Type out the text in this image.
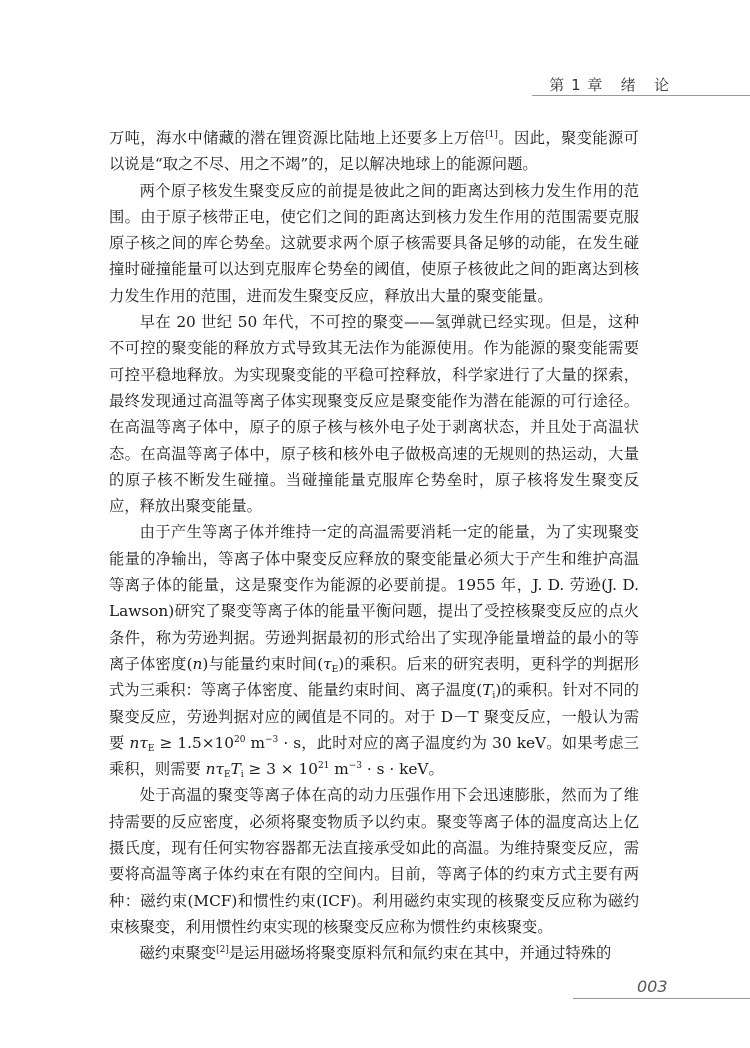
第 1 章   绪   论

万吨，海水中储藏的潜在锂资源比陆地上还要多上万倍[1]。因此，聚变能源可以说是“取之不尽、用之不竭”的，足以解决地球上的能源问题。

两个原子核发生聚变反应的前提是彼此之间的距离达到核力发生作用的范围。由于原子核带正电，使它们之间的距离达到核力发生作用的范围需要克服原子核之间的库仑势垒。这就要求两个原子核需要具备足够的动能，在发生碰撞时碰撞能量可以达到克服库仑势垒的阈值，使原子核彼此之间的距离达到核力发生作用的范围，进而发生聚变反应，释放出大量的聚变能量。

早在 20 世纪 50 年代，不可控的聚变——氢弹就已经实现。但是，这种不可控的聚变能的释放方式导致其无法作为能源使用。作为能源的聚变能需要可控平稳地释放。为实现聚变能的平稳可控释放，科学家进行了大量的探索，最终发现通过高温等离子体实现聚变反应是聚变能作为潜在能源的可行途径。在高温等离子体中，原子的原子核与核外电子处于剥离状态，并且处于高温状态。在高温等离子体中，原子核和核外电子做极高速的无规则的热运动，大量的原子核不断发生碰撞。当碰撞能量克服库仑势垒时，原子核将发生聚变反应，释放出聚变能量。

由于产生等离子体并维持一定的高温需要消耗一定的能量，为了实现聚变能量的净输出，等离子体中聚变反应释放的聚变能量必须大于产生和维护高温等离子体的能量，这是聚变作为能源的必要前提。1955 年，J. D. 劳逊(J. D. Lawson)研究了聚变等离子体的能量平衡问题，提出了受控核聚变反应的点火条件，称为劳逊判据。劳逊判据最初的形式给出了实现净能量增益的最小的等离子体密度(n)与能量约束时间$(\tau_E)$的乘积。后来的研究表明，更科学的判据形式为三乘积：等离子体密度、能量约束时间、离子温度$(T_i)$的乘积。针对不同的聚变反应，劳逊判据对应的阈值是不同的。对于 D－T 聚变反应，一般认为需要 $n\tau_E \ge 1.5\times 10^{20}$ $m^{-3} \cdot s$，此时对应的离子温度约为 30 keV。如果考虑三乘积，则需要 $n\tau_ET_i \ge 3 \times 10^{21}$ $m^{-3} \cdot s$ · keV。

处于高温的聚变等离子体在高的动力压强作用下会迅速膨胀，然而为了维持需要的反应密度，必须将聚变物质予以约束。聚变等离子体的温度高达上亿摄氏度，现有任何实物容器都无法直接承受如此的高温。为维持聚变反应，需要将高温等离子体约束在有限的空间内。目前，等离子体的约束方式主要有两种：磁约束(MCF)和惯性约束(ICF)。利用磁约束实现的核聚变反应称为磁约束核聚变，利用惯性约束实现的核聚变反应称为惯性约束核聚变。

磁约束聚变[2]是运用磁场将聚变原料氘和氚约束在其中，并通过特殊的

003
